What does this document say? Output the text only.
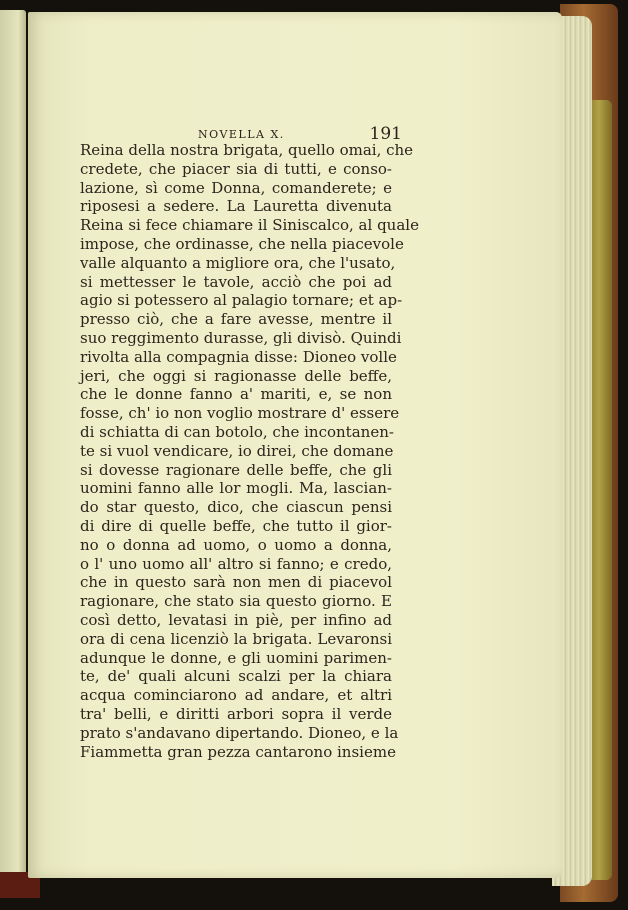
NOVELLA X.	191
Reina della nostra brigata, quello omai, che
credete, che piacer sia di tutti, e conso-
lazione, sì come Donna, comanderete; e
riposesi a sedere. La Lauretta divenuta
Reina si fece chiamare il Siniscalco, al quale
impose, che ordinasse, che nella piacevole
valle alquanto a migliore ora, che l'usato,
si mettesser le tavole, acciò che poi ad
agio si potessero al palagio tornare; et ap-
presso ciò, che a fare avesse, mentre il
suo reggimento durasse, gli divisò. Quindi
rivolta alla compagnia disse: Dioneo volle
jeri, che oggi si ragionasse delle beffe,
che le donne fanno a' mariti, e, se non
fosse, ch' io non voglio mostrare d' essere
di schiatta di can botolo, che incontanen-
te si vuol vendicare, io direi, che domane
si dovesse ragionare delle beffe, che gli
uomini fanno alle lor mogli. Ma, lascian-
do star questo, dico, che ciascun pensi
di dire di quelle beffe, che tutto il gior-
no o donna ad uomo, o uomo a donna,
o l' uno uomo all' altro si fanno; e credo,
che in questo sarà non men di piacevol
ragionare, che stato sia questo giorno. E
così detto, levatasi in piè, per infino ad
ora di cena licenziò la brigata. Levaronsi
adunque le donne, e gli uomini parimen-
te, de' quali alcuni scalzi per la chiara
acqua cominciarono ad andare, et altri
tra' belli, e diritti arbori sopra il verde
prato s'andavano dipertando. Dioneo, e la
Fiammetta gran pezza cantarono insieme
